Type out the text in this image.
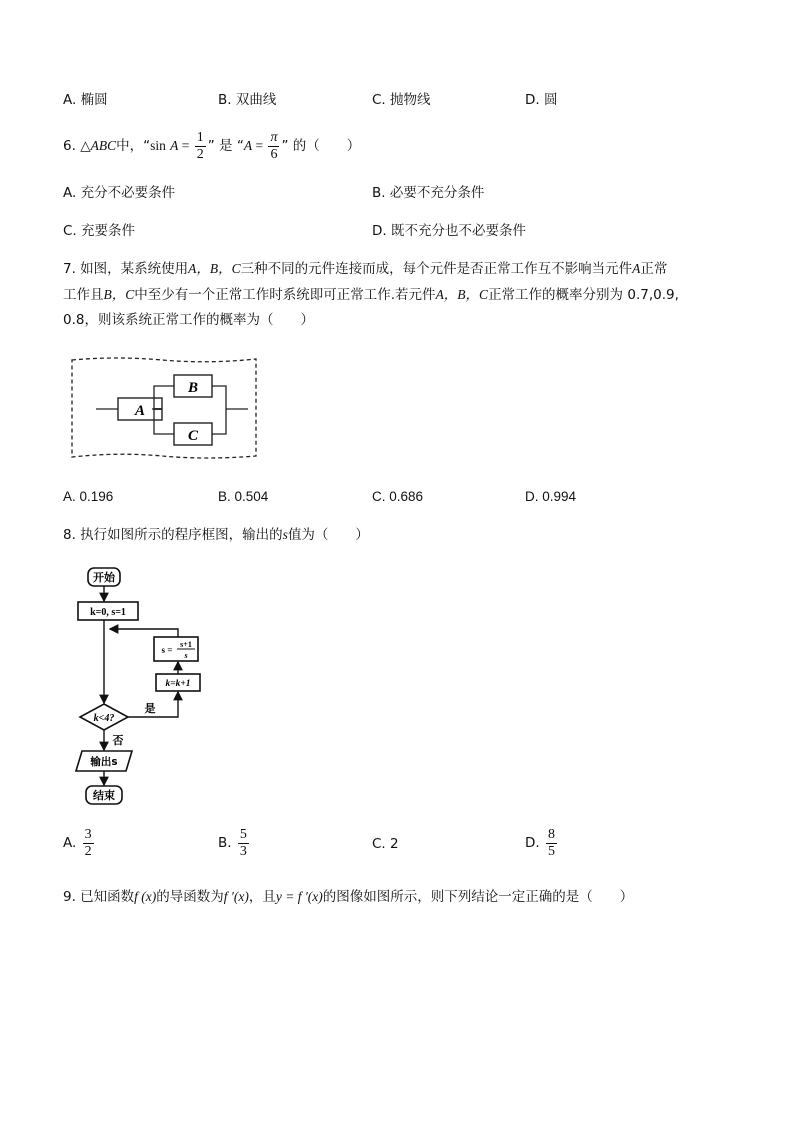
A. 椭圆	B. 双曲线	C. 抛物线	D. 圆
6. △ABC中，“sin $A = \frac{1}{2}$ ” 是 “$A = \frac{\pi}{6}$ ” 的（　　）
A. 充分不必要条件	B. 必要不充分条件
C. 充要条件	D. 既不充分也不必要条件
7. 如图，某系统使用A，B，C三种不同的元件连接而成，每个元件是否正常工作互不影响当元件A正常
工作且B，C中至少有一个正常工作时系统即可正常工作.若元件A，B，C正常工作的概率分别为 0.7,0.9,
0.8，则该系统正常工作的概率为（　　）
A
B
C
A. 0.196	B. 0.504	C. 0.686	D. 0.994
8. 执行如图所示的程序框图，输出的s值为（　　）
开始
k=0, s=1
s =
s+1
s
k=k+1
k<4?
是
否
输出s
结束
A. $\frac{3}{2}$	B. $\frac{5}{3}$	C. 2	D. $\frac{8}{5}$
9. 已知函数f (x)的导函数为f ′(x)，且y = f ′(x)的图像如图所示，则下列结论一定正确的是（　　）
